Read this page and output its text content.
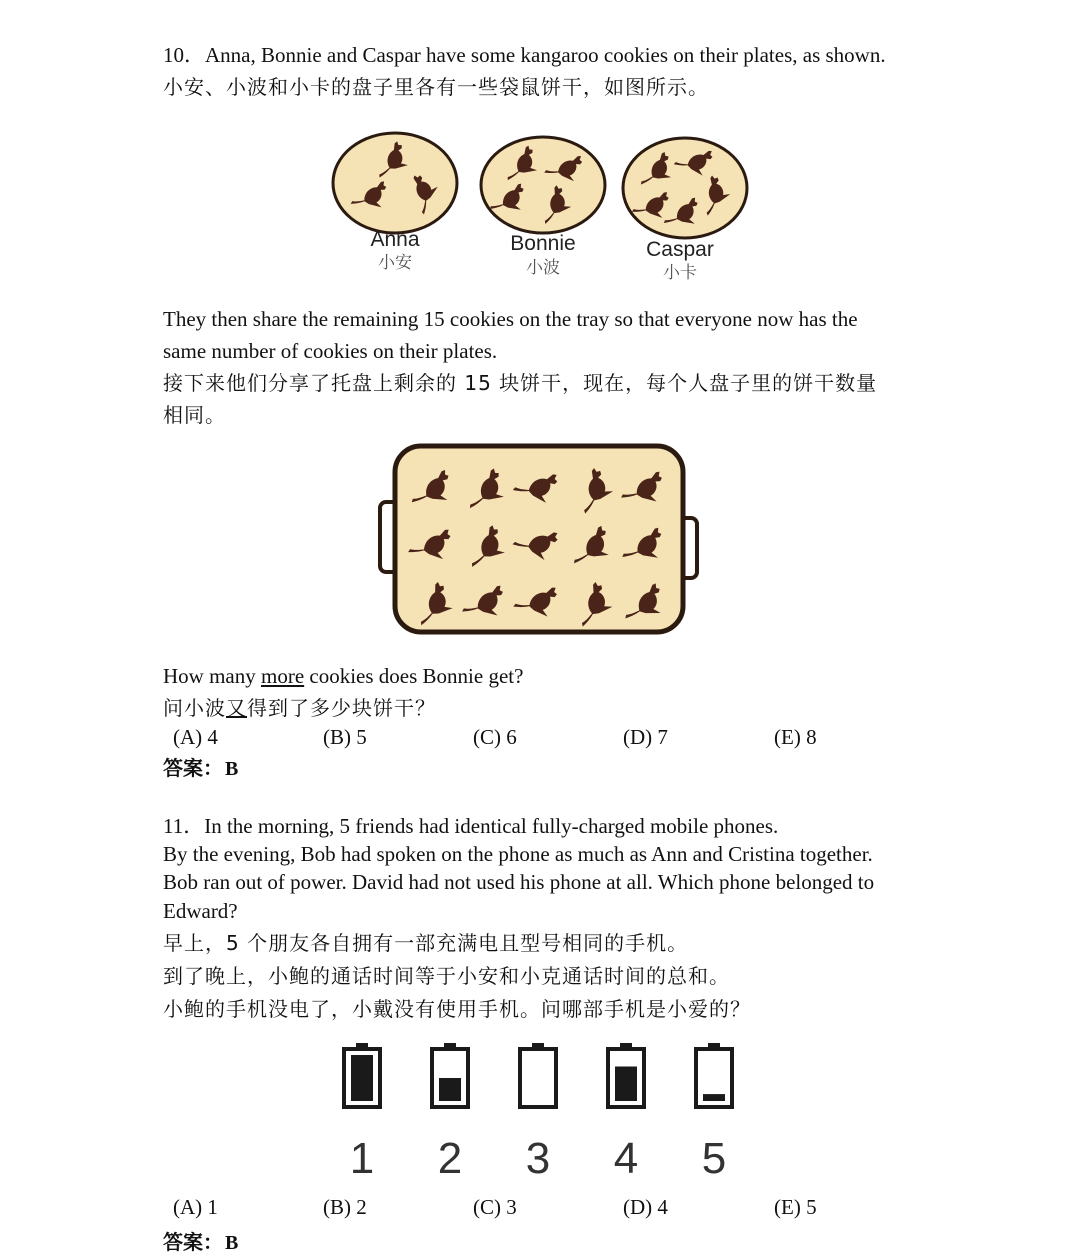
10．Anna, Bonnie and Caspar have some kangaroo cookies on their plates, as shown.
小安、小波和小卡的盘子里各有一些袋鼠饼干，如图所示。
Anna
小安
Bonnie
小波
Caspar
小卡
They then share the remaining 15 cookies on the tray so that everyone now has the
same number of cookies on their plates.
接下来他们分享了托盘上剩余的 15 块饼干，现在，每个人盘子里的饼干数量
相同。
How many more cookies does Bonnie get?
问小波又得到了多少块饼干？
(A) 4	(B) 5	(C) 6	(D) 7	(E) 8
答案： B
11．In the morning, 5 friends had identical fully-charged mobile phones.
By the evening, Bob had spoken on the phone as much as Ann and Cristina together.
Bob ran out of power. David had not used his phone at all. Which phone belonged to
Edward?
早上，5 个朋友各自拥有一部充满电且型号相同的手机。
到了晚上，小鲍的通话时间等于小安和小克通话时间的总和。
小鲍的手机没电了，小戴没有使用手机。问哪部手机是小爱的？
1 2 3 4 5
(A) 1	(B) 2	(C) 3	(D) 4	(E) 5
答案： B
